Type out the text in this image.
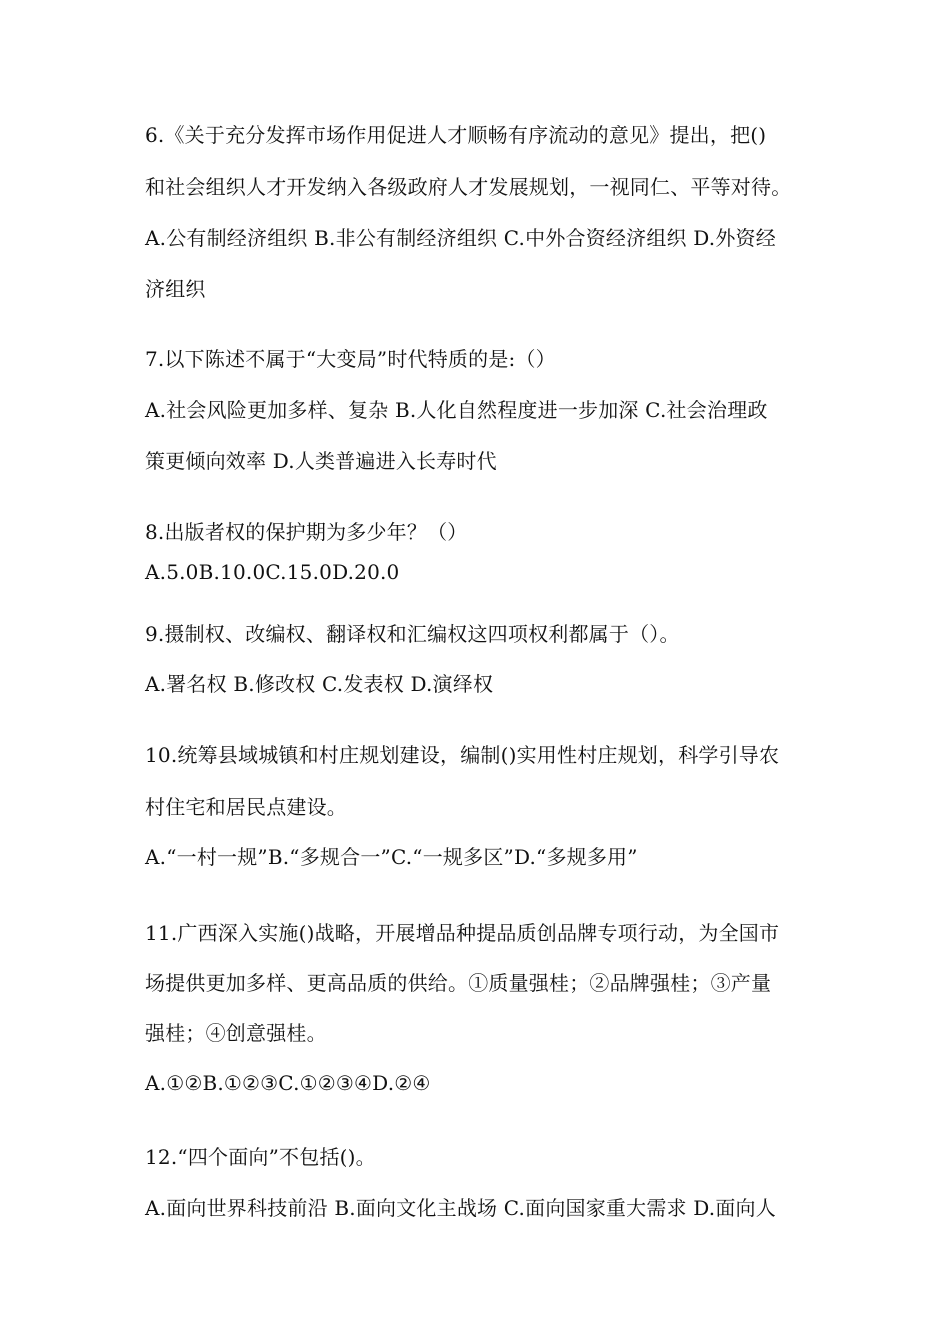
6.《关于充分发挥市场作用促进人才顺畅有序流动的意见》提出，把()
和社会组织人才开发纳入各级政府人才发展规划，一视同仁、平等对待。
A.公有制经济组织 B.非公有制经济组织 C.中外合资经济组织 D.外资经
济组织
7.以下陈述不属于“大变局”时代特质的是:（）
A.社会风险更加多样、复杂 B.人化自然程度进一步加深 C.社会治理政
策更倾向效率 D.人类普遍进入长寿时代
8.出版者权的保护期为多少年？（）
A.5.0B.10.0C.15.0D.20.0
9.摄制权、改编权、翻译权和汇编权这四项权利都属于（）。
A.署名权 B.修改权 C.发表权 D.演绎权
10.统筹县域城镇和村庄规划建设，编制()实用性村庄规划，科学引导农
村住宅和居民点建设。
A.“一村一规”B.“多规合一”C.“一规多区”D.“多规多用”
11.广西深入实施()战略，开展增品种提品质创品牌专项行动，为全国市
场提供更加多样、更高品质的供给。①质量强桂；②品牌强桂；③产量
强桂；④创意强桂。
A.①②B.①②③C.①②③④D.②④
12.“四个面向”不包括()。
A.面向世界科技前沿 B.面向文化主战场 C.面向国家重大需求 D.面向人
